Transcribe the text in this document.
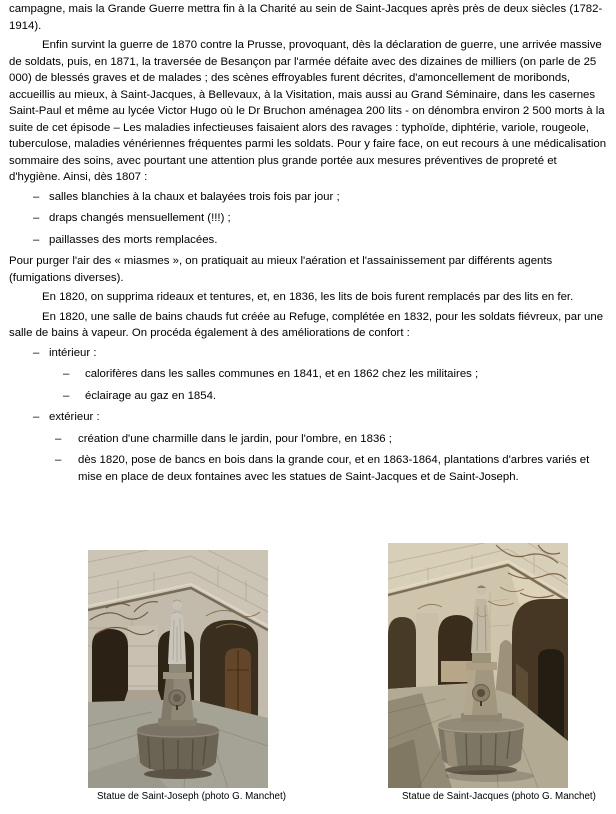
campagne, mais la Grande Guerre mettra fin à la Charité au sein de Saint-Jacques après près de deux siècles (1782-1914).

Enfin survint la guerre de 1870 contre la Prusse, provoquant, dès la déclaration de guerre, une arrivée massive de soldats, puis, en 1871, la traversée de Besançon par l'armée défaite avec des dizaines de milliers (on parle de 25 000) de blessés graves et de malades ; des scènes effroyables furent décrites, d'amoncellement de moribonds, accueillis au mieux, à Saint-Jacques, à Bellevaux, à la Visitation, mais aussi au Grand Séminaire, dans les casernes Saint-Paul et même au lycée Victor Hugo où le Dr Bruchon aménagea 200 lits - on dénombra environ 2 500 morts à la suite de cet épisode – Les maladies infectieuses faisaient alors des ravages : typhoïde, diphtérie, variole, rougeole, tuberculose, maladies vénériennes fréquentes parmi les soldats. Pour y faire face, on eut recours à une médicalisation sommaire des soins, avec pourtant une attention plus grande portée aux mesures préventives de propreté et d'hygiène. Ainsi, dès 1807 :

– salles blanchies à la chaux et balayées trois fois par jour ;
– draps changés mensuellement (!!!) ;
– paillasses des morts remplacées.

Pour purger l'air des « miasmes », on pratiquait au mieux l'aération et l'assainissement par différents agents (fumigations diverses).

En 1820, on supprima rideaux et tentures, et, en 1836, les lits de bois furent remplacés par des lits en fer.

En 1820, une salle de bains chauds fut créée au Refuge, complétée en 1832, pour les soldats fiévreux, par une salle de bains à vapeur. On procéda également à des améliorations de confort :

– intérieur :
–	calorifères dans les salles communes en 1841, et en 1862 chez les militaires ;
–	éclairage au gaz en 1854.
– extérieur :
–	création d'une charmille dans le jardin, pour l'ombre, en 1836 ;
–	dès 1820, pose de bancs en bois dans la grande cour, et en 1863-1864, plantations d'arbres variés et mise en place de deux fontaines avec les statues de Saint-Jacques et de Saint-Joseph.
Statue de Saint-Joseph (photo G. Manchet)	Statue de Saint-Jacques (photo G. Manchet)
